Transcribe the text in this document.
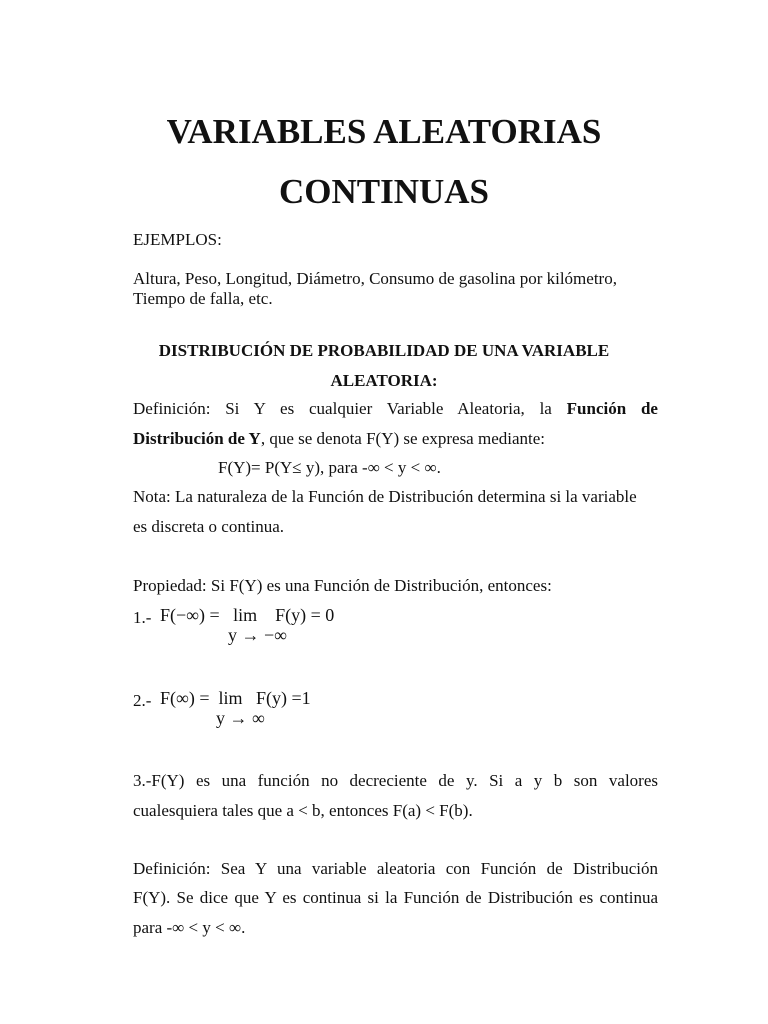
VARIABLES ALEATORIAS
CONTINUAS
EJEMPLOS:
Altura, Peso, Longitud, Diámetro, Consumo de gasolina por kilómetro,
Tiempo de falla, etc.
DISTRIBUCIÓN DE PROBABILIDAD DE UNA VARIABLE
ALEATORIA:
Definición: Si Y es cualquier Variable Aleatoria, la Función de
Distribución de Y, que se denota F(Y) se expresa mediante:
F(Y)= P(Y≤ y), para -∞ < y < ∞.
Nota: La naturaleza de la Función de Distribución determina si la variable
es discreta o continua.
Propiedad: Si F(Y) es una Función de Distribución, entonces:
1.- F(−∞) =   lim    F(y) = 0
y → −∞
2.- F(∞) =  lim   F(y) =1
y → ∞
3.-F(Y) es una función no decreciente de y. Si a y b son valores
cualesquiera tales que a < b, entonces F(a) < F(b).
Definición: Sea Y una variable aleatoria con Función de Distribución
F(Y). Se dice que Y es continua si la Función de Distribución es continua
para -∞ < y < ∞.
